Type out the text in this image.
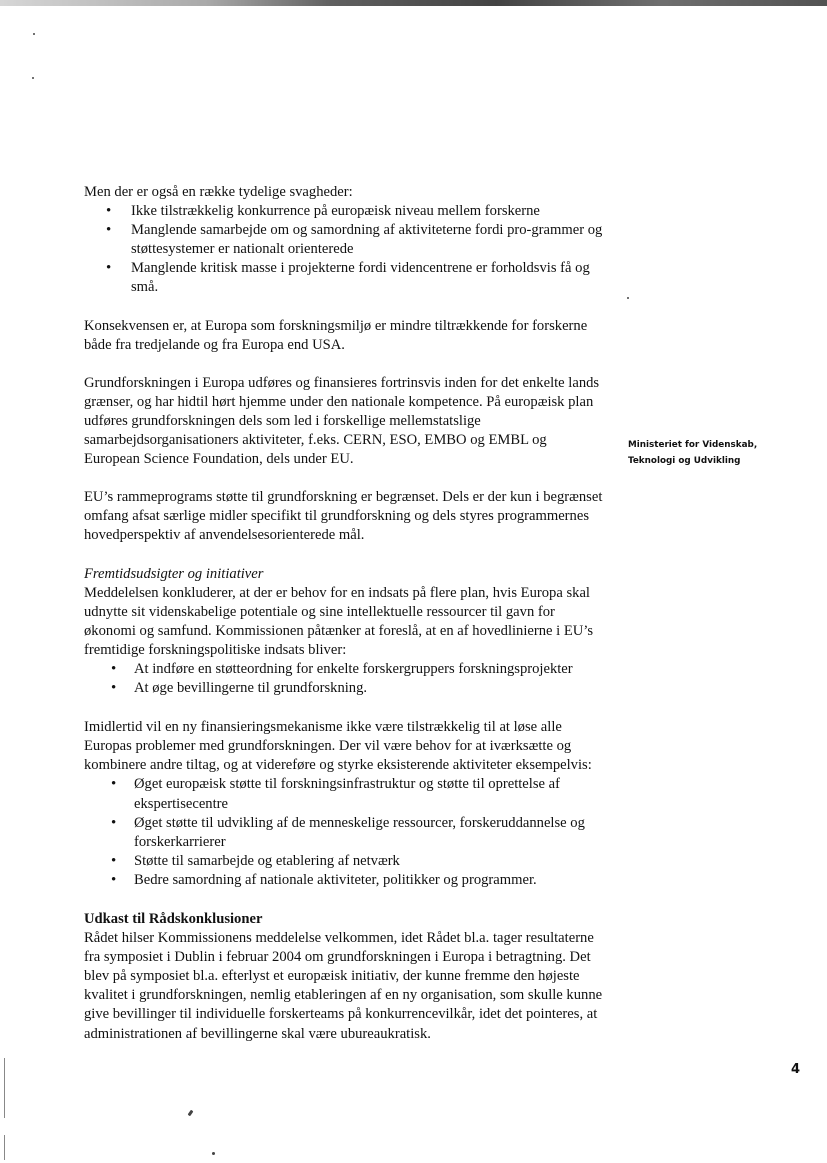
Men der er også en række tydelige svagheder:

• Ikke tilstrækkelig konkurrence på europæisk niveau mellem forskerne
• Manglende samarbejde om og samordning af aktiviteterne fordi pro-grammer og støttesystemer er nationalt orienterede
• Manglende kritisk masse i projekterne fordi videncentrene er forholdsvis få og små.

Konsekvensen er, at Europa som forskningsmiljø er mindre tiltrækkende for forskerne både fra tredjelande og fra Europa end USA.

Grundforskningen i Europa udføres og finansieres fortrinsvis inden for det enkelte lands grænser, og har hidtil hørt hjemme under den nationale kompetence. På europæisk plan udføres grundforskningen dels som led i forskellige mellemstatslige samarbejdsorganisationers aktiviteter, f.eks. CERN, ESO, EMBO og EMBL og European Science Foundation, dels under EU.

EU’s rammeprograms støtte til grundforskning er begrænset. Dels er der kun i begrænset omfang afsat særlige midler specifikt til grundforskning og dels styres programmernes hovedperspektiv af anvendelsesorienterede mål.

Fremtidsudsigter og initiativer

Meddelelsen konkluderer, at der er behov for en indsats på flere plan, hvis Europa skal udnytte sit videnskabelige potentiale og sine intellektuelle ressourcer til gavn for økonomi og samfund. Kommissionen påtænker at foreslå, at en af hovedlinierne i EU’s fremtidige forskningspolitiske indsats bliver:

• At indføre en støtteordning for enkelte forskergruppers forskningsprojekter
• At øge bevillingerne til grundforskning.

Imidlertid vil en ny finansieringsmekanisme ikke være tilstrækkelig til at løse alle Europas problemer med grundforskningen. Der vil være behov for at iværksætte og kombinere andre tiltag, og at videreføre og styrke eksisterende aktiviteter eksempelvis:

• Øget europæisk støtte til forskningsinfrastruktur og støtte til oprettelse af ekspertisecentre
• Øget støtte til udvikling af de menneskelige ressourcer, forskeruddannelse og forskerkarrierer
• Støtte til samarbejde og etablering af netværk
• Bedre samordning af nationale aktiviteter, politikker og programmer.

Udkast til Rådskonklusioner

Rådet hilser Kommissionens meddelelse velkommen, idet Rådet bl.a. tager resultaterne fra symposiet i Dublin i februar 2004 om grundforskningen i Europa i betragtning. Det blev på symposiet bl.a. efterlyst et europæisk initiativ, der kunne fremme den højeste kvalitet i grundforskningen, nemlig etableringen af en ny organisation, som skulle kunne give bevillinger til individuelle forskerteams på konkurrencevilkår, idet det pointeres, at administrationen af bevillingerne skal være ubureaukratisk.

Ministeriet for Videnskab,
Teknologi og Udvikling
4
